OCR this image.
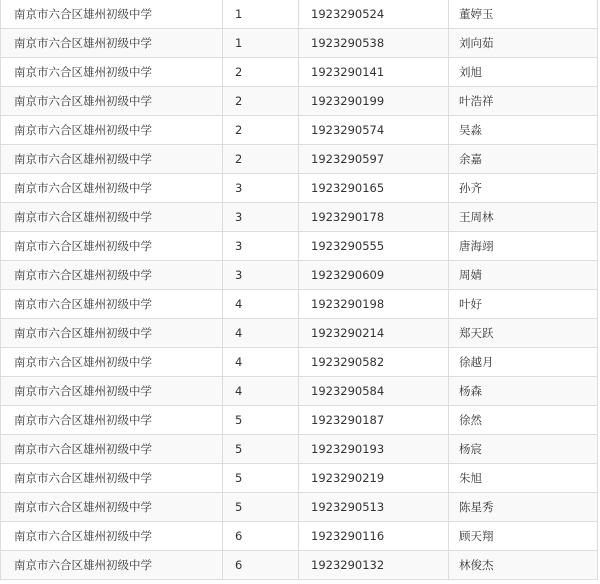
南京市六合区雄州初级中学	1	1923290524	董婷玉
南京市六合区雄州初级中学	1	1923290538	刘向茹
南京市六合区雄州初级中学	2	1923290141	刘旭
南京市六合区雄州初级中学	2	1923290199	叶浩祥
南京市六合区雄州初级中学	2	1923290574	吴淼
南京市六合区雄州初级中学	2	1923290597	余嘉
南京市六合区雄州初级中学	3	1923290165	孙齐
南京市六合区雄州初级中学	3	1923290178	王周林
南京市六合区雄州初级中学	3	1923290555	唐海翊
南京市六合区雄州初级中学	3	1923290609	周婧
南京市六合区雄州初级中学	4	1923290198	叶好
南京市六合区雄州初级中学	4	1923290214	郑天跃
南京市六合区雄州初级中学	4	1923290582	徐越月
南京市六合区雄州初级中学	4	1923290584	杨森
南京市六合区雄州初级中学	5	1923290187	徐然
南京市六合区雄州初级中学	5	1923290193	杨宸
南京市六合区雄州初级中学	5	1923290219	朱旭
南京市六合区雄州初级中学	5	1923290513	陈星秀
南京市六合区雄州初级中学	6	1923290116	顾天翔
南京市六合区雄州初级中学	6	1923290132	林俊杰
